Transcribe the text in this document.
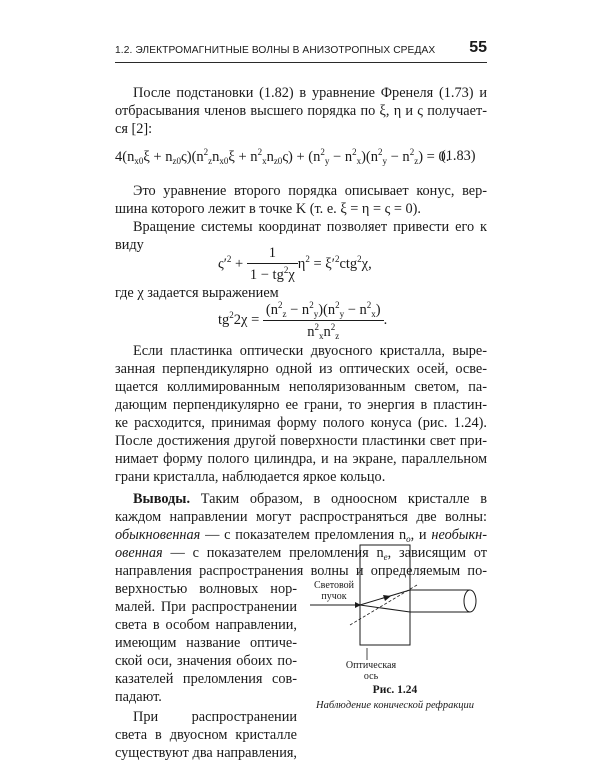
1.2. ЭЛЕКТРОМАГНИТНЫЕ ВОЛНЫ В АНИЗОТРОПНЫХ СРЕДАХ 55
После подстановки (1.82) в уравнение Френеля (1.73) и
отбрасывания членов высшего порядка по ξ, η и ς получает-
ся [2]:
$4(n_{x0}\xi + n_{z0}\varsigma)(n^2_zn_{x0}\xi + n^2_xn_{z0}\varsigma) + (n^2_y - n^2_x)(n^2_y - n^2_z) = 0$.
(1.83)
Это уравнение второго порядка описывает конус, вер-
шина которого лежит в точке K (т. е. ξ = η = ς = 0).
Вращение системы координат позволяет привести его к
виду
$\varsigma'^2 + \frac{1}{1 - tg^2\chi} \eta^2 = \xi'^2ctg^2\chi$,
где χ задается выражением
$tg^22\chi = \frac{(n^2_z - n^2_y)(n^2_y - n^2_x)}{n^2_xn^2_z}$ .
Если пластинка оптически двуосного кристалла, выре-
занная перпендикулярно одной из оптических осей, осве-
щается коллимированным неполяризованным светом, па-
дающим перпендикулярно ее грани, то энергия в пластин-
ке расходится, принимая форму полого конуса (рис. 1.24).
После достижения другой поверхности пластинки свет при-
нимает форму полого цилиндра, и на экране, параллельном
грани кристалла, наблюдается яркое кольцо.
Выводы. Таким образом, в одноосном кристалле в
каждом направлении могут распространяться две волны:
обыкновенная — с показателем преломления $n_o$, и необыкн-
овенная — с показателем преломления $n_e$, зависящим от
направления распространения волны и определяемым по-
верхностью волновых нор-
малей. При распространении
света в особом направлении,
имеющим название оптиче-
ской оси, значения обоих по-
казателей преломления сов-
падают.
При распространении
света в двуосном кристалле
существуют два направления,
Световой
пучок
Оптическая
ось
Рис. 1.24
Наблюдение конической рефракции
